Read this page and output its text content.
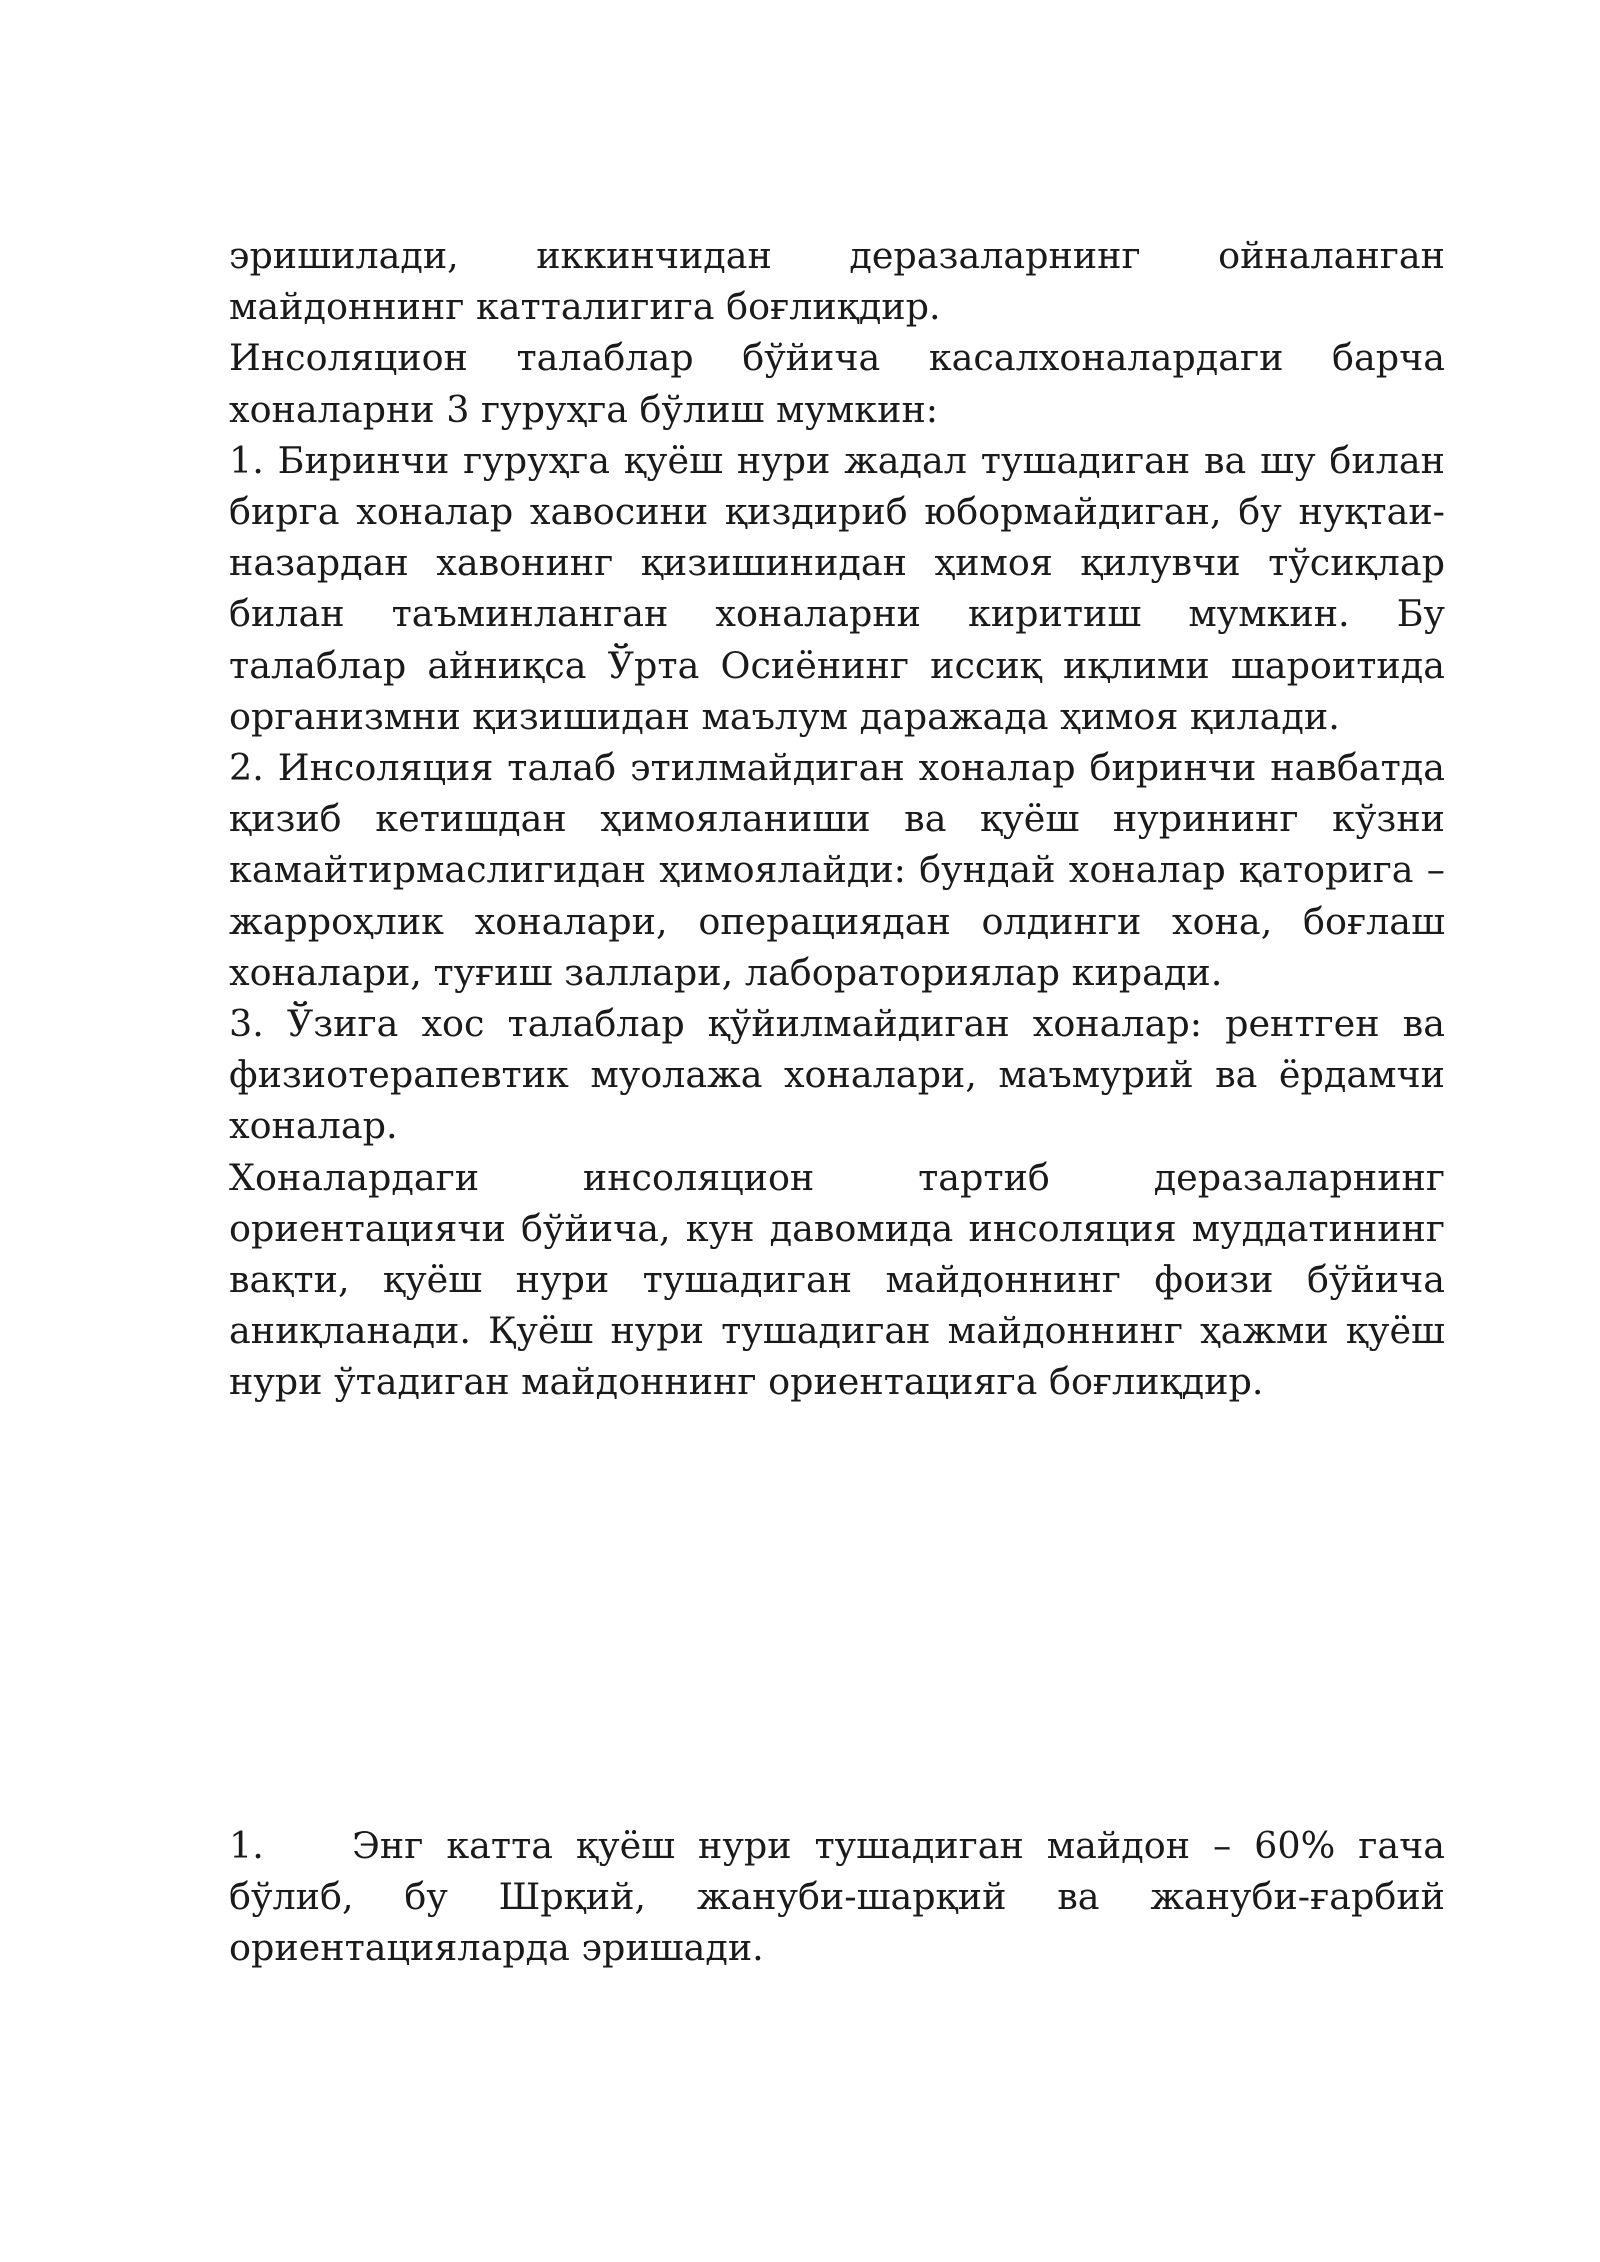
эришилади, иккинчидан деразаларнинг ойналанган майдоннинг катталигига боғлиқдир.

Инсоляцион талаблар бўйича касалхоналардаги барча хоналарни 3 гуруҳга бўлиш мумкин:

1. Биринчи гуруҳга қуёш нури жадал тушадиган ва шу билан бирга хоналар хавосини қиздириб юбормайдиган, бу нуқтаи-назардан хавонинг қизишинидан ҳимоя қилувчи тўсиқлар билан таъминланган хоналарни киритиш мумкин. Бу талаблар айниқса Ўрта Осиёнинг иссиқ иқлими шароитида организмни қизишидан маълум даражада ҳимоя қилади.

2. Инсоляция талаб этилмайдиган хоналар биринчи навбатда қизиб кетишдан ҳимояланиши ва қуёш нурининг кўзни камайтирмаслигидан ҳимоялайди: бундай хоналар қаторига – жарроҳлик хоналари, операциядан олдинги хона, боғлаш хоналари, туғиш заллари, лабораториялар киради.

3. Ўзига хос талаблар қўйилмайдиган хоналар: рентген ва физиотерапевтик муолажа хоналари, маъмурий ва ёрдамчи хоналар.

Хоналардаги инсоляцион тартиб деразаларнинг ориентациячи бўйича, кун давомида инсоляция муддатининг вақти, қуёш нури тушадиган майдоннинг фоизи бўйича аниқланади. Қуёш нури тушадиган майдоннинг ҳажми қуёш нури ўтадиган майдоннинг ориентацияга боғлиқдир.

1. Энг катта қуёш нури тушадиган майдон – 60% гача бўлиб, бу Шрқий, жануби-шарқий ва жануби-ғарбий ориентацияларда эришади.
